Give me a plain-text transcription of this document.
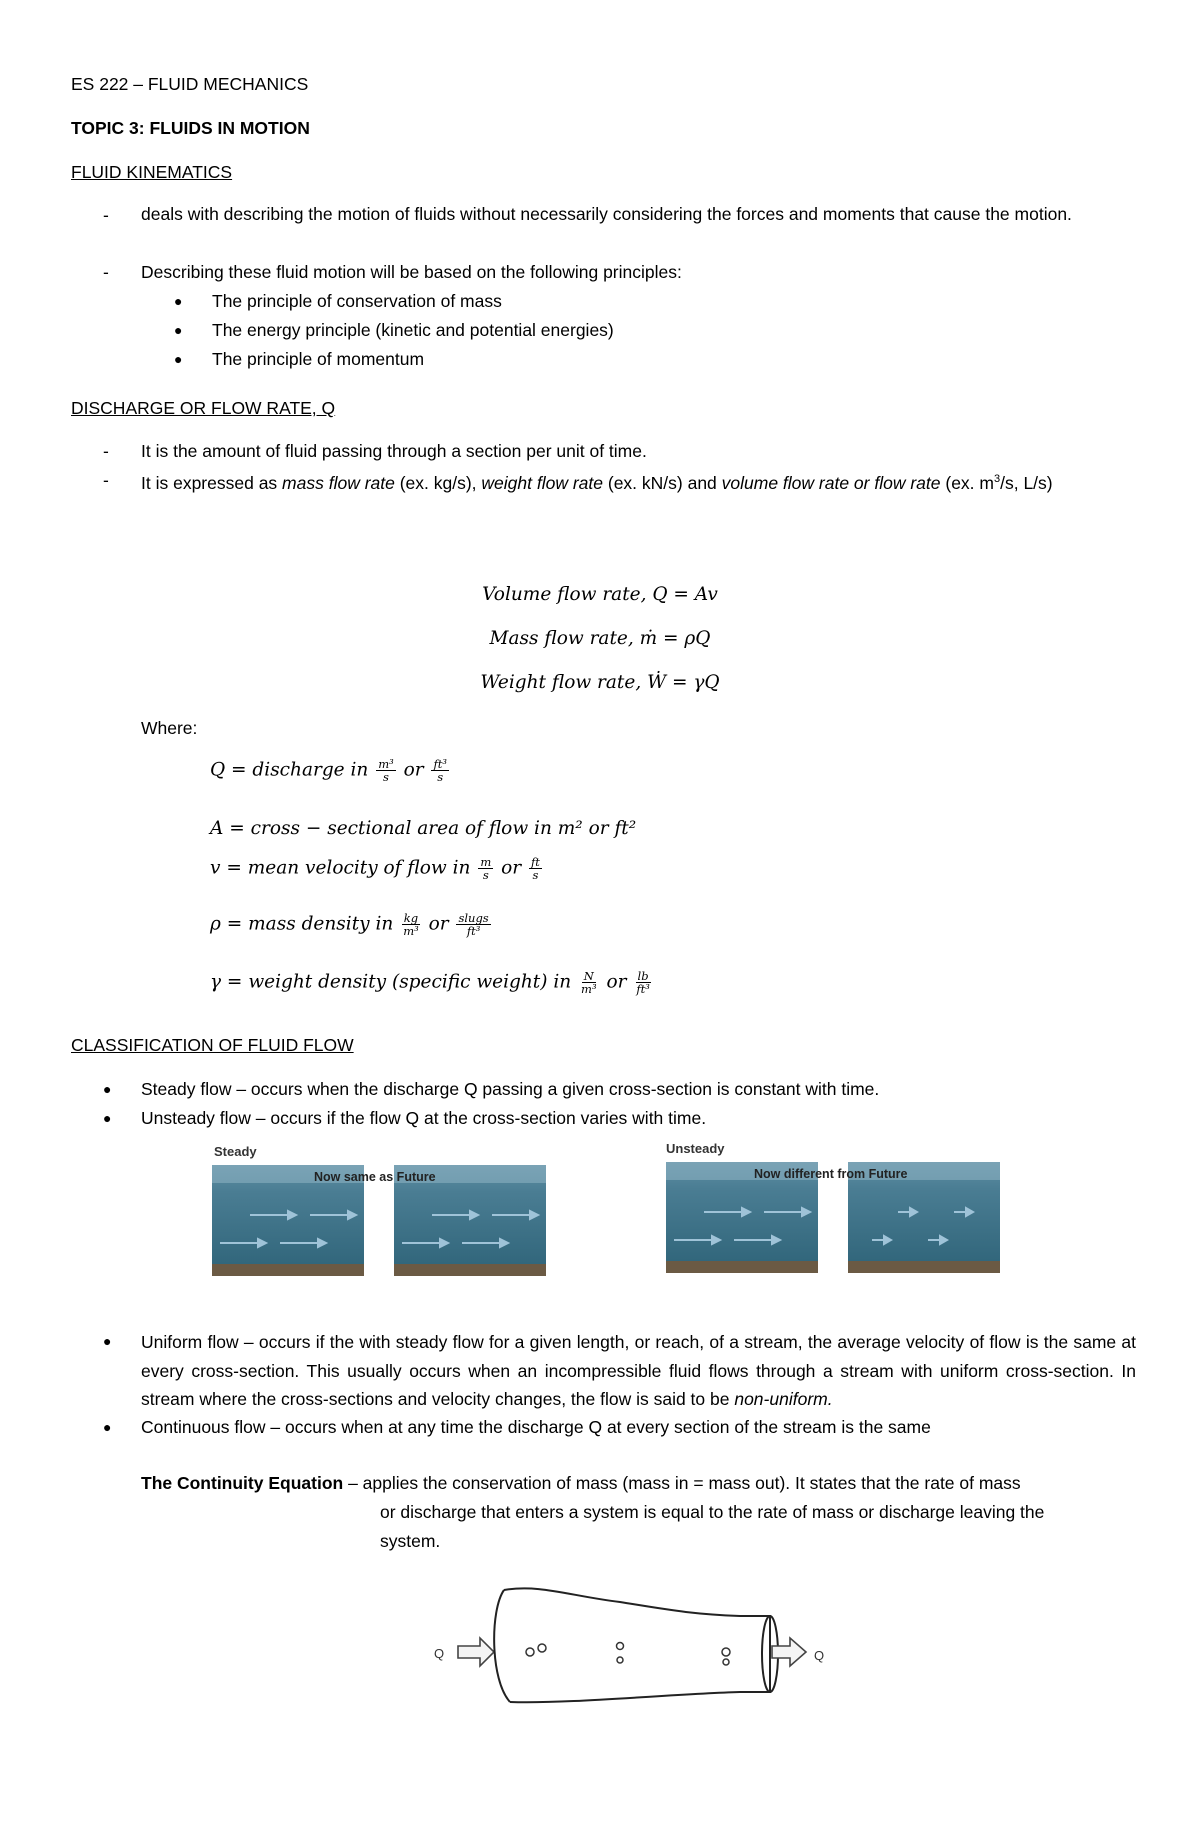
ES 222 – FLUID MECHANICS
TOPIC 3: FLUIDS IN MOTION
FLUID KINEMATICS
- deals with describing the motion of fluids without necessarily considering the forces and moments that cause the motion.
- Describing these fluid motion will be based on the following principles:
● The principle of conservation of mass
● The energy principle (kinetic and potential energies)
● The principle of momentum
DISCHARGE OR FLOW RATE, Q
- It is the amount of fluid passing through a section per unit of time.
- It is expressed as mass flow rate (ex. kg/s), weight flow rate (ex. kN/s) and volume flow rate or flow rate (ex. $m^3/s$, L/s)
Volume flow rate, Q = Av
Mass flow rate, ṁ = ρQ
Weight flow rate, Ẇ = γQ
Where:
Q = discharge in $\frac{\text{m³}}{s}$ or $\frac{\text{ft³}}{s}$
A = cross − sectional area of flow in m² or ft²
v = mean velocity of flow in $\frac{m}{s}$ or $\frac{ft}{s}$
ρ = mass density in $\frac{kg}{\text{m³}}$ or $\frac{\text{slugs}}{\text{ft³}}$
γ = weight density (specific weight) in $\frac{N}{\text{m³}}$ or $\frac{lb}{\text{ft³}}$
CLASSIFICATION OF FLUID FLOW
● Steady flow – occurs when the discharge Q passing a given cross-section is constant with time.
● Unsteady flow – occurs if the flow Q at the cross-section varies with time.
Steady
Now same as Future
Unsteady
Now different from Future
● Uniform flow – occurs if the with steady flow for a given length, or reach, of a stream, the average velocity of flow is the same at every cross-section. This usually occurs when an incompressible fluid flows through a stream with uniform cross-section. In stream where the cross-sections and velocity changes, the flow is said to be non-uniform.
● Continuous flow – occurs when at any time the discharge Q at every section of the stream is the same
The Continuity Equation – applies the conservation of mass (mass in = mass out). It states that the rate of mass
or discharge that enters a system is equal to the rate of mass or discharge leaving the
system.
Q	Q
